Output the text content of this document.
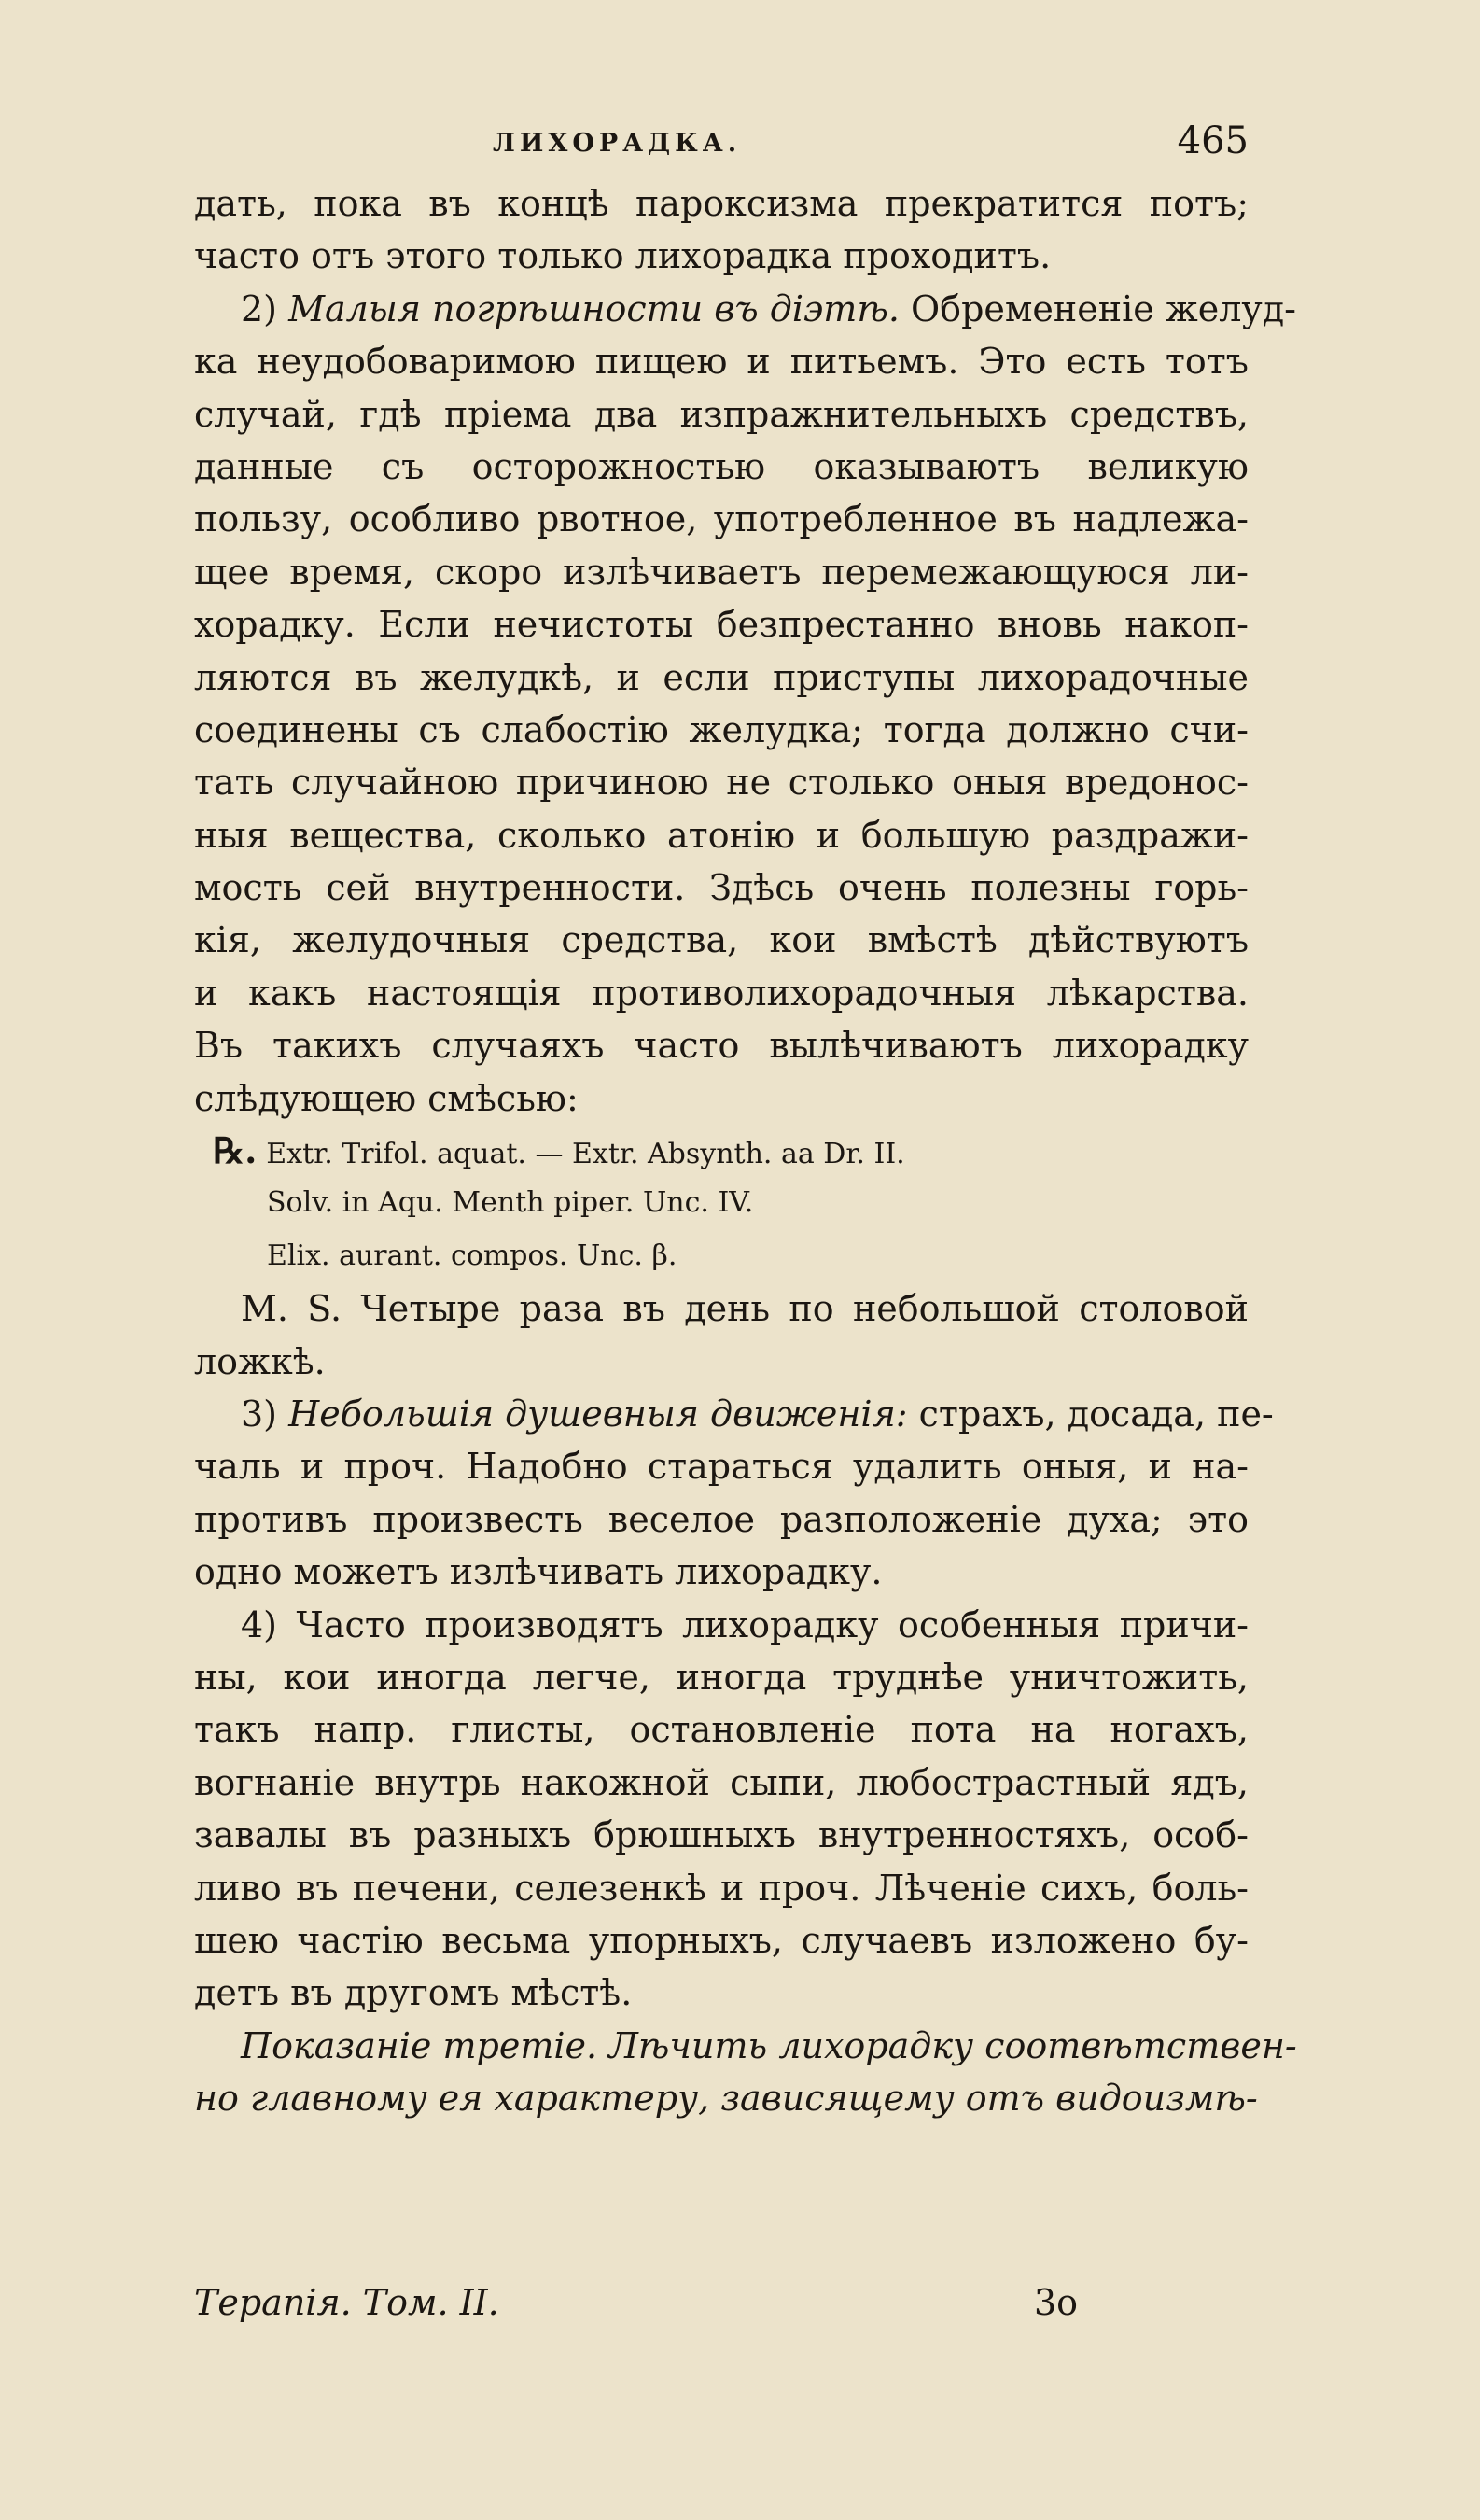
ЛИХОРАДКА.	465
дать, пока въ концѣ пароксизма прекратится потъ;
часто отъ этого только лихорадка проходитъ.
2) Малыя погрѣшности въ діэтѣ. Обремененіе желуд-
ка неудобоваримою пищею и питьемъ. Это есть тотъ
случай, гдѣ пріема два изпражнительныхъ средствъ,
данные съ осторожностью оказываютъ великую
пользу, особливо рвотное, употребленное въ надлежа-
щее время, скоро излѣчиваетъ перемежающуюся ли-
хорадку. Если нечистоты безпрестанно вновь накоп-
ляются въ желудкѣ, и если приступы лихорадочные
соединены съ слабостію желудка; тогда должно счи-
тать случайною причиною не столько оныя вредонос-
ныя вещества, сколько атонію и большую раздражи-
мость сей внутренности. Здѣсь очень полезны горь-
кія, желудочныя средства, кои вмѣстѣ дѣйствуютъ
и какъ настоящія противолихорадочныя лѣкарства.
Въ такихъ случаяхъ часто вылѣчиваютъ лихорадку
слѣдующею смѣсью:
℞. Extr. Trifol. aquat. — Extr. Absynth. aa Dr. II.
Solv. in Aqu. Menth piper. Unc. IV.
Elix. aurant. compos. Unc. β.
M. S. Четыре раза въ день по небольшой столовой
ложкѣ.
3) Небольшія душевныя движенія: страхъ, досада, пе-
чаль и проч. Надобно стараться удалить оныя, и на-
противъ произвесть веселое разположеніе духа; это
одно можетъ излѣчивать лихорадку.
4) Часто производятъ лихорадку особенныя причи-
ны, кои иногда легче, иногда труднѣе уничтожить,
такъ напр. глисты, остановленіе пота на ногахъ,
вогнаніе внутрь накожной сыпи, любострастный ядъ,
завалы въ разныхъ брюшныхъ внутренностяхъ, особ-
ливо въ печени, селезенкѣ и проч. Лѣченіе сихъ, боль-
шею частію весьма упорныхъ, случаевъ изложено бу-
детъ въ другомъ мѣстѣ.
Показаніе третіе. Лѣчить лихорадку соотвѣтствен-
но главному ея характеру, зависящему отъ видоизмѣ-
Терапія. Том. II.	3о
